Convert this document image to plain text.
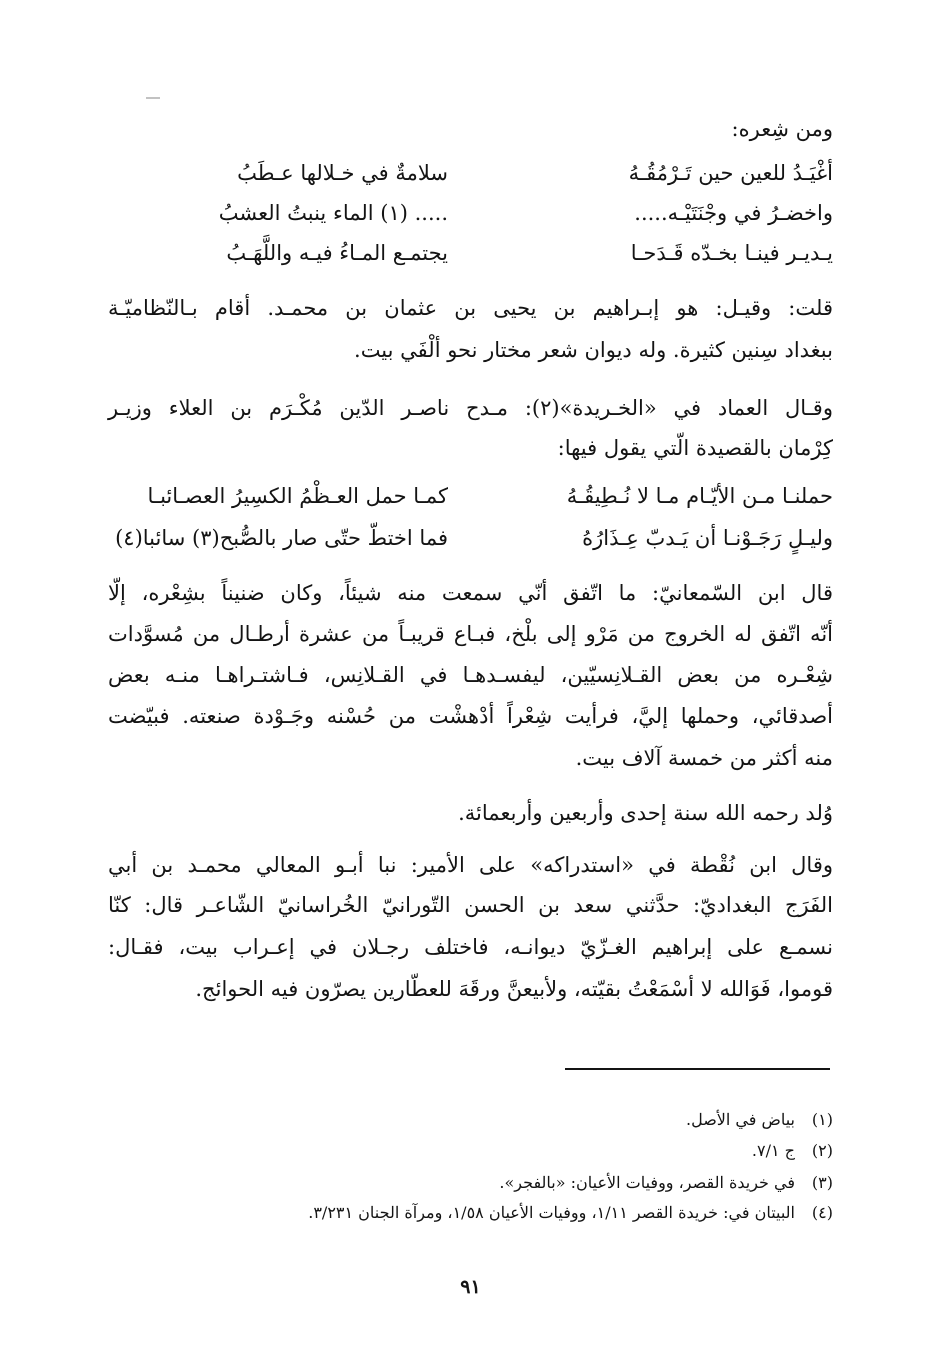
ومن شِعره:
أغْيَـدُ للعين حين تَـرْمُقُـهُ
سلامةٌ في خـلالها عـطَبُ
واخضـرُ في وجْنَتَيْـه.....
..... (١) الماء ينبتُ العشبُ
يـديـر فينـا بخـدّه قَـدَحـا
يجتمـع المـاءُ فيـه واللَّهَـبُ
قلت: وقيـل: هو إبـراهيم بن يحيى بن عثمان بن محمـد. أقام بـالنّظاميّـة
ببغداد سِنين كثيرة. وله ديوان شعر مختار نحو ألْفَي بيت.
وقـال العماد في «الخـريدة»(٢): مـدح ناصـر الدّين مُكْـرَم بن العلاء وزيـر
كِرْمان بالقصيدة الّتي يقول فيها:
حملنـا مـن الأيّـام مـا لا نُـطِيقُـهُ
كمـا حمل العـظْمُ الكسِيرُ العصـائبـا
وليـلٍ رَجَـوْنـا أن يَـدبّ عِـذَارُهُ
فما اختطّ حتّى صار بالصُّبح(٣) سائبا(٤)
قال ابن السّمعانيّ: ما اتّفق أنّي سمعت منه شيئاً، وكان ضنيناً بشِعْره، إلّا
أنّه اتّفق له الخروج من مَرْو إلى بلْخ، فبـاع قريبـاً من عشرة أرطـال من مُسوَّدات
شِعْـره من بعض القـلانِسيّين، ليفسـدهـا في القـلانِس، فـاشتـراهـا منـه بعض
أصدقائي، وحملها إليَّ، فرأيت شِعْراً أدْهشْت من حُسْنه وجَـوْدة صنعته. فبيّضت
منه أكثر من خمسة آلاف بيت.
وُلد رحمه الله سنة إحدى وأربعين وأربعمائة.
وقال ابن نُقْطة في «استدراكه» على الأمير: نبا أبـو المعالي محمـد بن أبي
الفَرَج البغداديّ: حدَّثني سعد بن الحسن التّورانيّ الخُراسانيّ الشّاعـر قال: كنّا
نسمـع على إبراهيم الغـزّيّ ديوانـه، فاختلف رجـلان في إعـراب بيت، فقـال:
قوموا، فَوَالله لا أسْمَعْتُ بقيّته، ولأبيعنَّ ورقَهَ للعطّارين يصرّون فيه الحوائج.
(١)بياض في الأصل.
(٢)ج ٧/١.
(٣)في خريدة القصر، ووفيات الأعيان: «بالفجر».
(٤)البيتان في: خريدة القصر ١/١١، ووفيات الأعيان ١/٥٨، ومرآة الجنان ٣/٢٣١.
٩١
